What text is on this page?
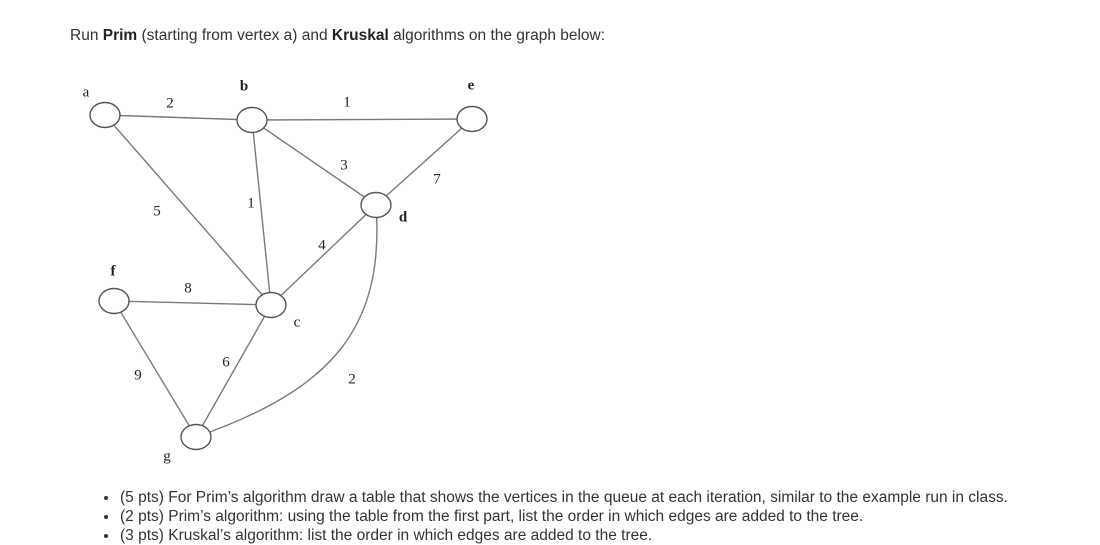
Run Prim (starting from vertex a) and Kruskal algorithms on the graph below:
2	1
3
7
5	1
4
8
9
6
2
a	b
c
d
e
f
g
• (5 pts) For Prim’s algorithm draw a table that shows the vertices in the queue at each iteration, similar to the example run in class.
• (2 pts) Prim’s algorithm: using the table from the first part, list the order in which edges are added to the tree.
• (3 pts) Kruskal’s algorithm: list the order in which edges are added to the tree.
